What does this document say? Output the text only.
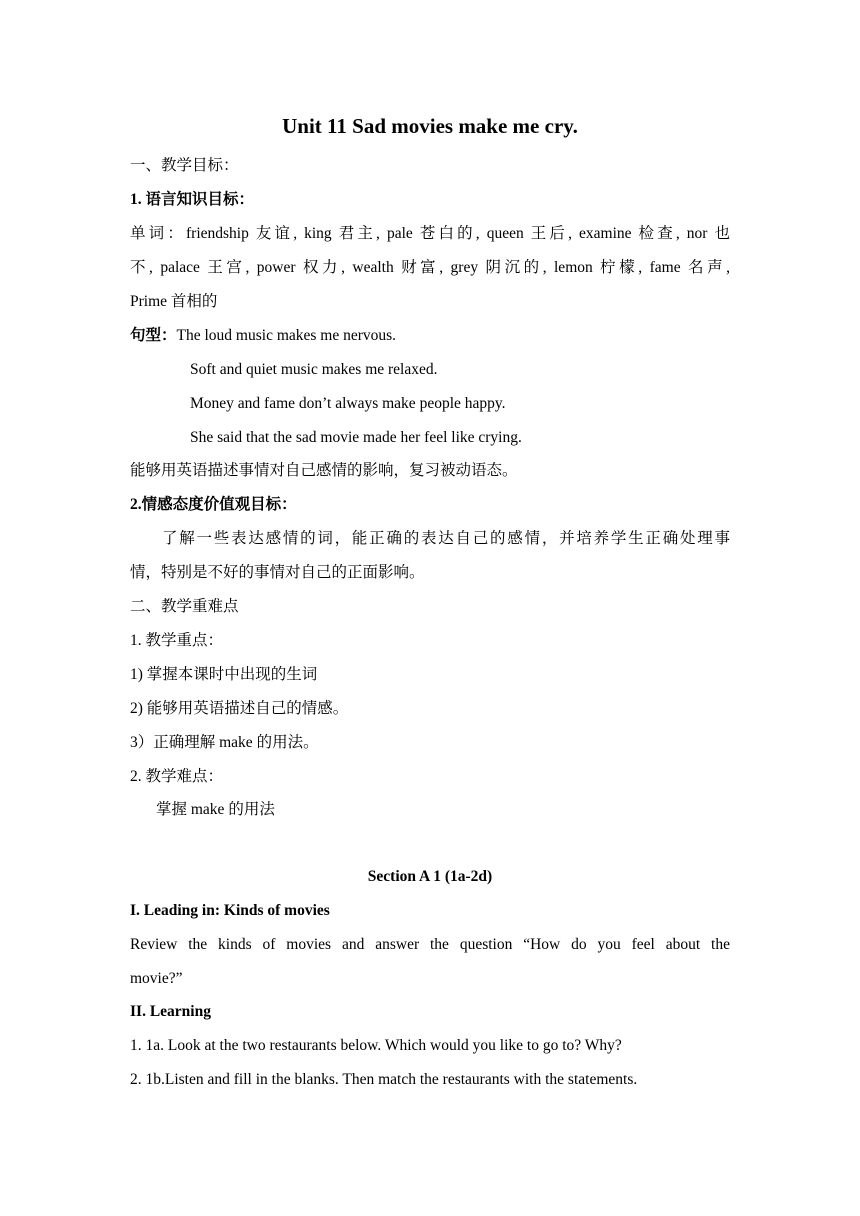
Unit 11 Sad movies make me cry.
一、教学目标：
1. 语言知识目标：
单词：friendship 友谊, king 君主, pale 苍白的, queen 王后, examine 检查, nor 也
不, palace 王宫, power 权力, wealth 财富, grey 阴沉的, lemon 柠檬, fame 名声,
Prime 首相的
句型：The loud music makes me nervous.
Soft and quiet music makes me relaxed.
Money and fame don’t always make people happy.
She said that the sad movie made her feel like crying.
能够用英语描述事情对自己感情的影响，复习被动语态。
2.情感态度价值观目标：
了解一些表达感情的词，能正确的表达自己的感情，并培养学生正确处理事
情，特别是不好的事情对自己的正面影响。
二、教学重难点
1. 教学重点：
1) 掌握本课时中出现的生词
2) 能够用英语描述自己的情感。
3）正确理解 make 的用法。
2. 教学难点：
掌握 make 的用法
Section A 1 (1a-2d)
I. Leading in: Kinds of movies
Review the kinds of movies and answer the question “How do you feel about the
movie?”
II. Learning
1. 1a. Look at the two restaurants below. Which would you like to go to? Why?
2. 1b.Listen and fill in the blanks. Then match the restaurants with the statements.
